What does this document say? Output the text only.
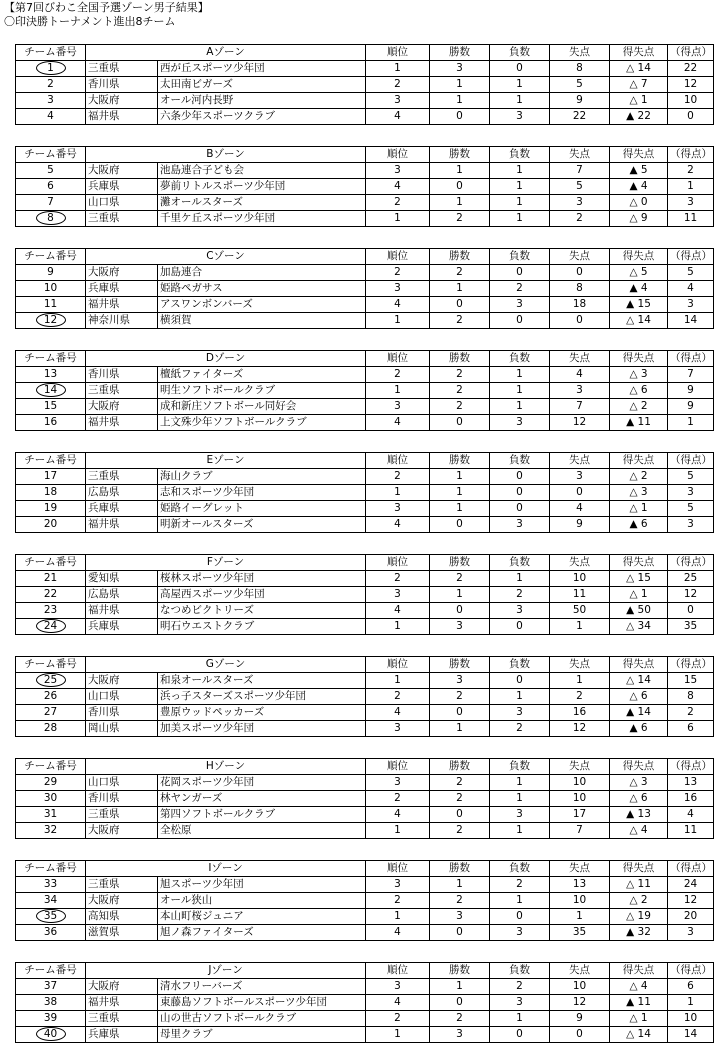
【第7回びわこ全国予選ゾーン男子結果】
〇印決勝トーナメント進出8チーム
チーム番号	Aゾーン		順位	勝数	負数	失点	得失点	（得点）
1	三重県	西が丘スポーツ少年団	1	3	0	8	△ 14	22
2	香川県	太田南ビガーズ	2	1	1	5	△ 7	12
3	大阪府	オール河内長野	3	1	1	9	△ 1	10
4	福井県	六条少年スポーツクラブ	4	0	3	22	▲ 22	0
チーム番号	Bゾーン		順位	勝数	負数	失点	得失点	（得点）
5	大阪府	池島連合子ども会	3	1	1	7	▲ 5	2
6	兵庫県	夢前リトルスポーツ少年団	4	0	1	5	▲ 4	1
7	山口県	灘オールスターズ	2	1	1	3	△ 0	3
8	三重県	千里ケ丘スポーツ少年団	1	2	1	2	△ 9	11
チーム番号	Cゾーン		順位	勝数	負数	失点	得失点	（得点）
9	大阪府	加島連合	2	2	0	0	△ 5	5
10	兵庫県	姫路ペガサス	3	1	2	8	▲ 4	4
11	福井県	アスワンボンバーズ	4	0	3	18	▲ 15	3
12	神奈川県	横須賀	1	2	0	0	△ 14	14
チーム番号	Dゾーン		順位	勝数	負数	失点	得失点	（得点）
13	香川県	檀紙ファイターズ	2	2	1	4	△ 3	7
14	三重県	明生ソフトボールクラブ	1	2	1	3	△ 6	9
15	大阪府	成和新庄ソフトボール同好会	3	2	1	7	△ 2	9
16	福井県	上文殊少年ソフトボールクラブ	4	0	3	12	▲ 11	1
チーム番号	Eゾーン		順位	勝数	負数	失点	得失点	（得点）
17	三重県	海山クラブ	2	1	0	3	△ 2	5
18	広島県	志和スポーツ少年団	1	1	0	0	△ 3	3
19	兵庫県	姫路イーグレット	3	1	0	4	△ 1	5
20	福井県	明新オールスターズ	4	0	3	9	▲ 6	3
チーム番号	Fゾーン		順位	勝数	負数	失点	得失点	（得点）
21	愛知県	桜林スポーツ少年団	2	2	1	10	△ 15	25
22	広島県	高屋西スポーツ少年団	3	1	2	11	△ 1	12
23	福井県	なつめビクトリーズ	4	0	3	50	▲ 50	0
24	兵庫県	明石ウエストクラブ	1	3	0	1	△ 34	35
チーム番号	Gゾーン		順位	勝数	負数	失点	得失点	（得点）
25	大阪府	和泉オールスターズ	1	3	0	1	△ 14	15
26	山口県	浜っ子スターズスポーツ少年団	2	2	1	2	△ 6	8
27	香川県	豊原ウッドペッカーズ	4	0	3	16	▲ 14	2
28	岡山県	加美スポーツ少年団	3	1	2	12	▲ 6	6
チーム番号	Hゾーン		順位	勝数	負数	失点	得失点	（得点）
29	山口県	花岡スポーツ少年団	3	2	1	10	△ 3	13
30	香川県	林ヤンガーズ	2	2	1	10	△ 6	16
31	三重県	第四ソフトボールクラブ	4	0	3	17	▲ 13	4
32	大阪府	全松原	1	2	1	7	△ 4	11
チーム番号	Iゾーン		順位	勝数	負数	失点	得失点	（得点）
33	三重県	旭スポーツ少年団	3	1	2	13	△ 11	24
34	大阪府	オール狭山	2	2	1	10	△ 2	12
35	高知県	本山町桜ジュニア	1	3	0	1	△ 19	20
36	滋賀県	旭ノ森ファイターズ	4	0	3	35	▲ 32	3
チーム番号	Jゾーン		順位	勝数	負数	失点	得失点	（得点）
37	大阪府	清水フリーバーズ	3	1	2	10	△ 4	6
38	福井県	東藤島ソフトボールスポーツ少年団	4	0	3	12	▲ 11	1
39	三重県	山の世古ソフトボールクラブ	2	2	1	9	△ 1	10
40	兵庫県	母里クラブ	1	3	0	0	△ 14	14
